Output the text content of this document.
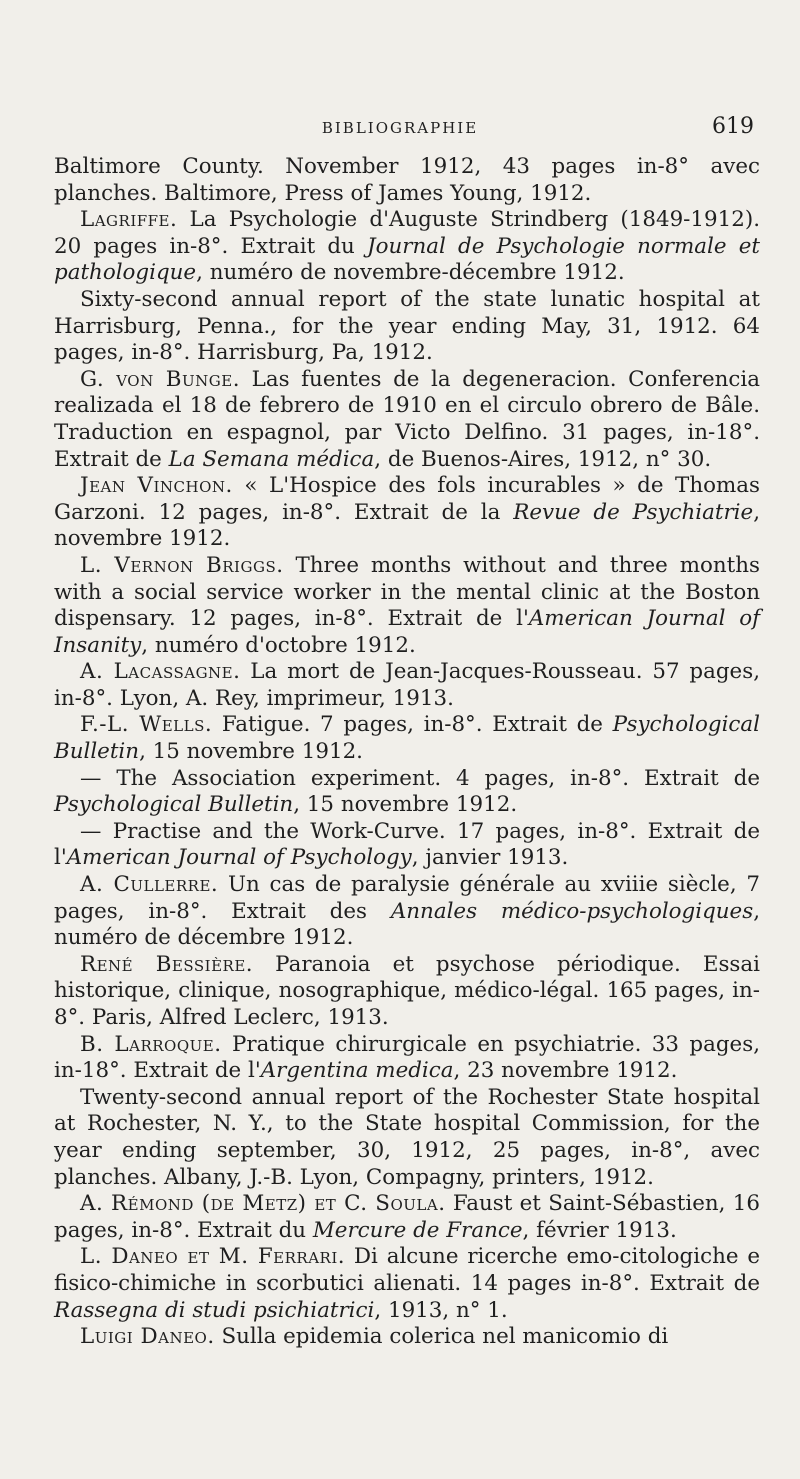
BIBLIOGRAPHIE	619

Baltimore County. November 1912, 43 pages in-8° avec planches. Baltimore, Press of James Young, 1912.

Lagriffe. La Psychologie d'Auguste Strindberg (1849-1912). 20 pages in-8°. Extrait du Journal de Psychologie normale et pathologique, numéro de novembre-décembre 1912.

Sixty-second annual report of the state lunatic hospital at Harrisburg, Penna., for the year ending May, 31, 1912. 64 pages, in-8°. Harrisburg, Pa, 1912.

G. von Bunge. Las fuentes de la degeneracion. Conferencia realizada el 18 de febrero de 1910 en el circulo obrero de Bâle. Traduction en espagnol, par Victo Delfino. 31 pages, in-18°. Extrait de La Semana médica, de Buenos-Aires, 1912, n° 30.

Jean Vinchon. « L'Hospice des fols incurables » de Thomas Garzoni. 12 pages, in-8°. Extrait de la Revue de Psychiatrie, novembre 1912.

L. Vernon Briggs. Three months without and three months with a social service worker in the mental clinic at the Boston dispensary. 12 pages, in-8°. Extrait de l'American Journal of Insanity, numéro d'octobre 1912.

A. Lacassagne. La mort de Jean-Jacques-Rousseau. 57 pages, in-8°. Lyon, A. Rey, imprimeur, 1913.

F.-L. Wells. Fatigue. 7 pages, in-8°. Extrait de Psychological Bulletin, 15 novembre 1912.

— The Association experiment. 4 pages, in-8°. Extrait de Psychological Bulletin, 15 novembre 1912.

— Practise and the Work-Curve. 17 pages, in-8°. Extrait de l'American Journal of Psychology, janvier 1913.

A. Cullerre. Un cas de paralysie générale au xviiie siècle, 7 pages, in-8°. Extrait des Annales médico-psychologiques, numéro de décembre 1912.

René Bessière. Paranoia et psychose périodique. Essai historique, clinique, nosographique, médico-légal. 165 pages, in-8°. Paris, Alfred Leclerc, 1913.

B. Larroque. Pratique chirurgicale en psychiatrie. 33 pages, in-18°. Extrait de l'Argentina medica, 23 novembre 1912.

Twenty-second annual report of the Rochester State hospital at Rochester, N. Y., to the State hospital Commission, for the year ending september, 30, 1912, 25 pages, in-8°, avec planches. Albany, J.-B. Lyon, Compagny, printers, 1912.

A. Rémond (de Metz) et C. Soula. Faust et Saint-Sébastien, 16 pages, in-8°. Extrait du Mercure de France, février 1913.

L. Daneo et M. Ferrari. Di alcune ricerche emo-citologiche e fisico-chimiche in scorbutici alienati. 14 pages in-8°. Extrait de Rassegna di studi psichiatrici, 1913, n° 1.

Luigi Daneo. Sulla epidemia colerica nel manicomio di
